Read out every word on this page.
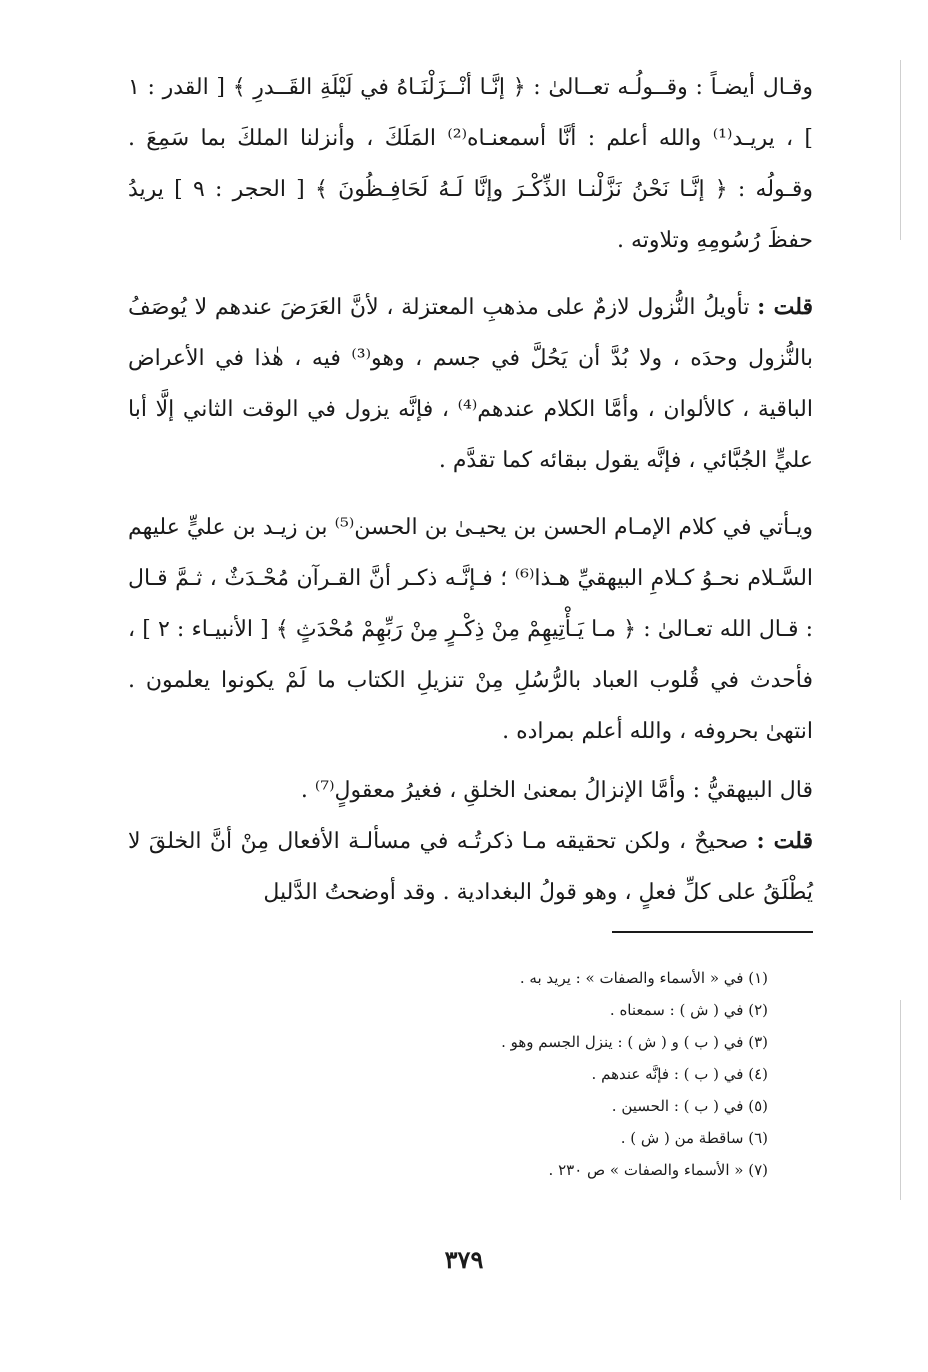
وقـال أيضـاً : وقــولُـه تعــالىٰ : ﴿ إنَّـا أنْــزَلْنَـاهُ في لَيْلَةِ القَــدرِ ﴾ [ القدر : ١ ] ، يريـد⁽¹⁾ والله أعلم : أنَّا أسمعنـاه⁽²⁾ المَلَكَ ، وأنزلنا الملكَ بما سَمِعَ . وقـولُه : ﴿ إنَّـا نَحْنُ نَزَّلْنـا الذِّكْـرَ وإنَّا لَـهُ لَحَافِـظُونَ ﴾ [ الحجر : ٩ ] يريدُ حفظَ رُسُومِهِ وتلاوته .

قلت : تأويلُ النُّزول لازمٌ على مذهبِ المعتزلة ، لأنَّ العَرَضَ عندهم لا يُوصَفُ بالنُّزول وحدَه ، ولا بُدَّ أن يَحُلَّ في جسم ، وهو⁽³⁾ فيه ، هٰذا في الأعراض الباقية ، كالألوان ، وأمَّا الكلام عندهم⁽⁴⁾ ، فإنَّه يزول في الوقت الثاني إلَّا أبا عليٍّ الجُبَّائي ، فإنَّه يقول ببقائه كما تقدَّم .

ويـأتي في كلام الإمـام الحسن بن يحيـىٰ بن الحسن⁽⁵⁾ بن زيـد بن عليٍّ عليهم السَّـلام نحـوُ كـلامِ البيهقيِّ هـذا⁽⁶⁾ ؛ فـإنَّـه ذكـر أنَّ القـرآن مُحْـدَثٌ ، ثـمَّ قـال : قـال الله تعـالىٰ : ﴿ مـا يَـأْتِيهِمْ مِنْ ذِكْـرٍ مِنْ رَبِّهِمْ مُحْدَثٍ ﴾ [ الأنبيـاء : ٢ ] ، فأحدث في قُلوب العباد بالرُّسُلِ مِنْ تنزيلِ الكتاب ما لَمْ يكونوا يعلمون . انتهىٰ بحروفه ، والله أعلم بمراده .

قال البيهقيُّ : وأمَّا الإنزالُ بمعنىٰ الخلقِ ، فغيرُ معقولٍ⁽⁷⁾ .

قلت : صحيحٌ ، ولكن تحقيقه مـا ذكرتُـه في مسألـة الأفعال مِنْ أنَّ الخلقَ لا يُطْلَقُ على كلِّ فعلٍ ، وهو قولُ البغدادية . وقد أوضحتُ الدَّليل

(١) في « الأسماء والصفات » : يريد به .
(٢) في ( ش ) : سمعناه .
(٣) في ( ب ) و ( ش ) : ينزل الجسم وهو .
(٤) في ( ب ) : فإنَّه عندهم .
(٥) في ( ب ) : الحسين .
(٦) ساقطة من ( ش ) .
(٧) « الأسماء والصفات » ص ٢٣٠ .
٣٧٩
